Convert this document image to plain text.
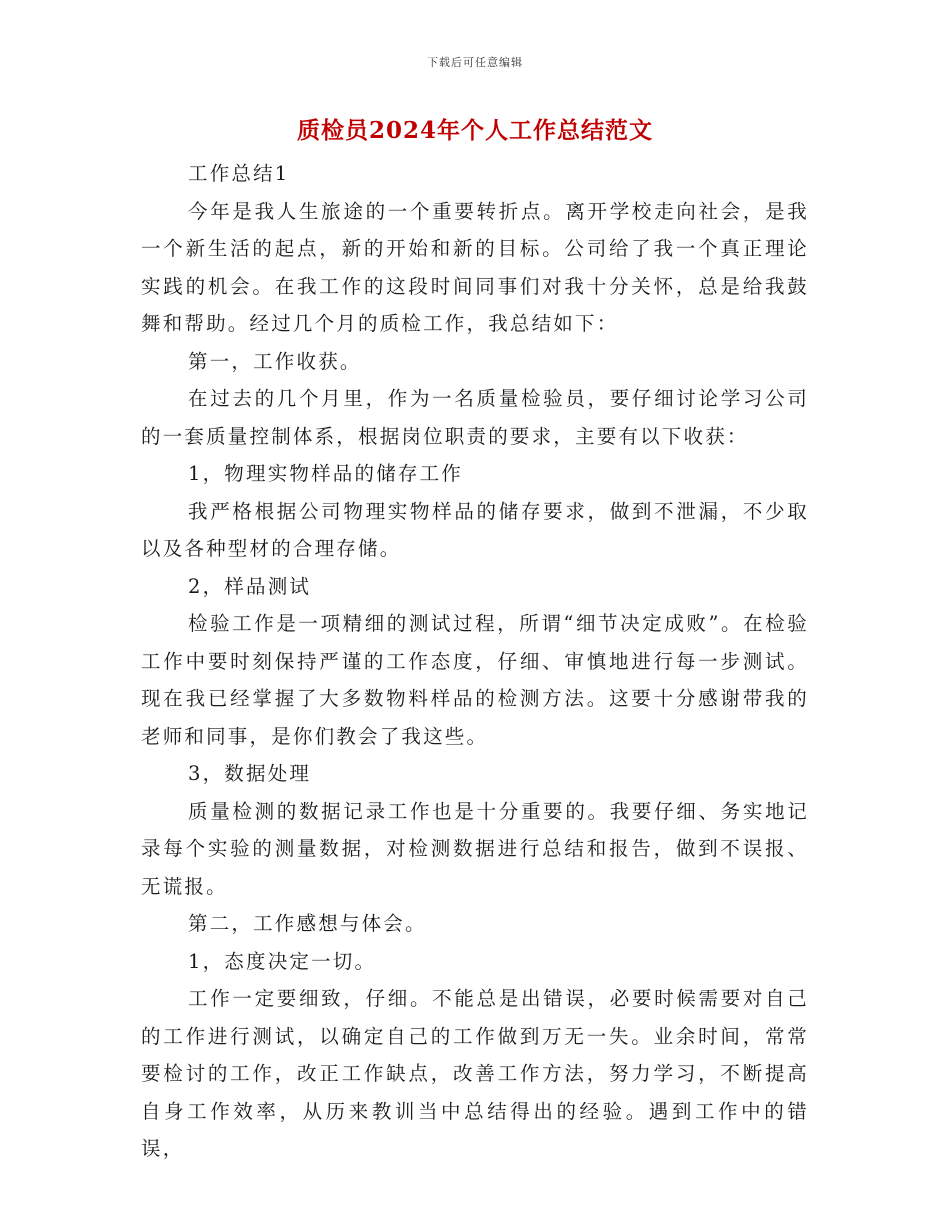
下载后可任意编辑
质检员2024年个人工作总结范文

工作总结1

今年是我人生旅途的一个重要转折点。离开学校走向社会，是我一个新生活的起点，新的开始和新的目标。公司给了我一个真正理论实践的机会。在我工作的这段时间同事们对我十分关怀，总是给我鼓舞和帮助。经过几个月的质检工作，我总结如下：

第一，工作收获。

在过去的几个月里，作为一名质量检验员，要仔细讨论学习公司的一套质量控制体系，根据岗位职责的要求，主要有以下收获：

1，物理实物样品的储存工作

我严格根据公司物理实物样品的储存要求，做到不泄漏，不少取以及各种型材的合理存储。

2，样品测试

检验工作是一项精细的测试过程，所谓“细节决定成败”。在检验工作中要时刻保持严谨的工作态度，仔细、审慎地进行每一步测试。现在我已经掌握了大多数物料样品的检测方法。这要十分感谢带我的老师和同事，是你们教会了我这些。

3，数据处理

质量检测的数据记录工作也是十分重要的。我要仔细、务实地记录每个实验的测量数据，对检测数据进行总结和报告，做到不误报、无谎报。

第二，工作感想与体会。

1，态度决定一切。

工作一定要细致，仔细。不能总是出错误，必要时候需要对自己的工作进行测试，以确定自己的工作做到万无一失。业余时间，常常要检讨的工作，改正工作缺点，改善工作方法，努力学习，不断提高自身工作效率，从历来教训当中总结得出的经验。遇到工作中的错误，
